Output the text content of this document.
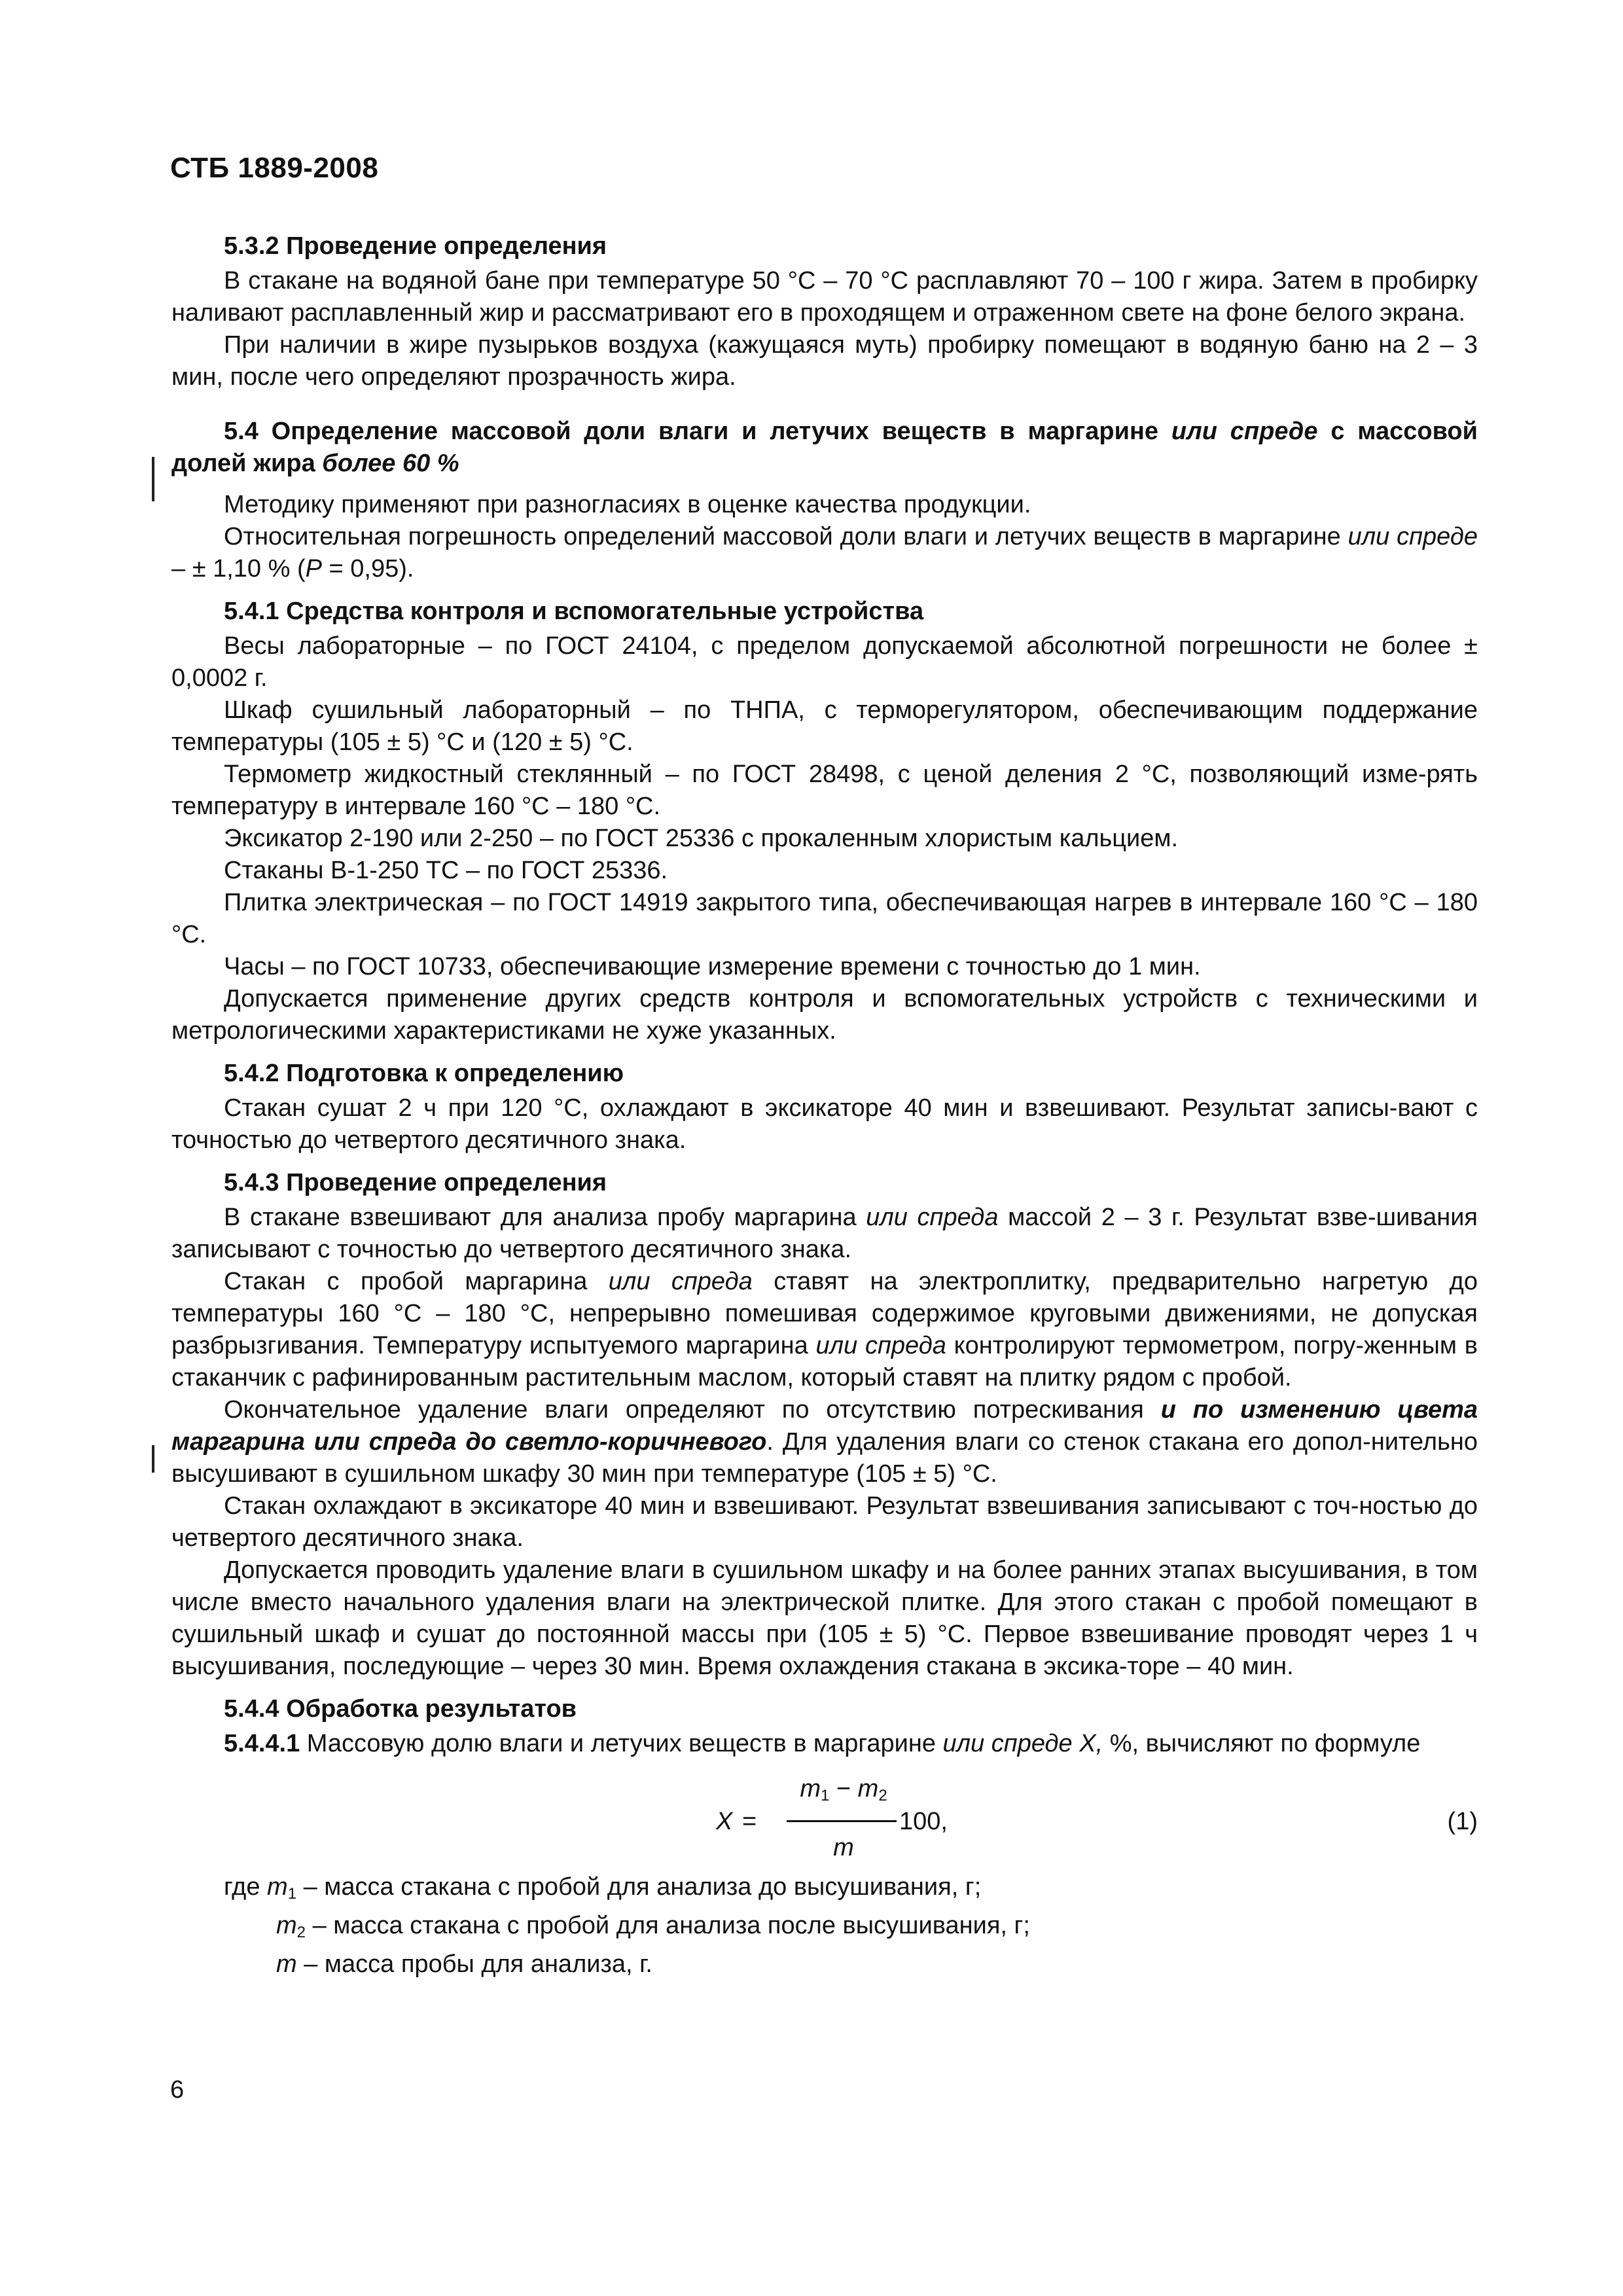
СТБ 1889-2008

5.3.2 Проведение определения

В стакане на водяной бане при температуре 50 °С – 70 °С расплавляют 70 – 100 г жира. Затем в пробирку наливают расплавленный жир и рассматривают его в проходящем и отраженном свете на фоне белого экрана.

При наличии в жире пузырьков воздуха (кажущаяся муть) пробирку помещают в водяную баню на 2 – 3 мин, после чего определяют прозрачность жира.

5.4 Определение массовой доли влаги и летучих веществ в маргарине или спреде с массовой долей жира более 60 %

Методику применяют при разногласиях в оценке качества продукции.

Относительная погрешность определений массовой доли влаги и летучих веществ в маргарине или спреде – ± 1,10 % (Р = 0,95).

5.4.1 Средства контроля и вспомогательные устройства

Весы лабораторные – по ГОСТ 24104, с пределом допускаемой абсолютной погрешности не более ± 0,0002 г.

Шкаф сушильный лабораторный – по ТНПА, с терморегулятором, обеспечивающим поддержание температуры (105 ± 5) °С и (120 ± 5) °С.

Термометр жидкостный стеклянный – по ГОСТ 28498, с ценой деления 2 °С, позволяющий изме-рять температуру в интервале 160 °С – 180 °С.

Эксикатор 2-190 или 2-250 – по ГОСТ 25336 с прокаленным хлористым кальцием.

Стаканы В-1-250 ТС – по ГОСТ 25336.

Плитка электрическая – по ГОСТ 14919 закрытого типа, обеспечивающая нагрев в интервале 160 °С – 180 °С.

Часы – по ГОСТ 10733, обеспечивающие измерение времени с точностью до 1 мин.

Допускается применение других средств контроля и вспомогательных устройств с техническими и метрологическими характеристиками не хуже указанных.

5.4.2 Подготовка к определению

Стакан сушат 2 ч при 120 °С, охлаждают в эксикаторе 40 мин и взвешивают. Результат записы-вают с точностью до четвертого десятичного знака.

5.4.3 Проведение определения

В стакане взвешивают для анализа пробу маргарина или спреда массой 2 – 3 г. Результат взве-шивания записывают с точностью до четвертого десятичного знака.

Стакан с пробой маргарина или спреда ставят на электроплитку, предварительно нагретую до температуры 160 °С – 180 °С, непрерывно помешивая содержимое круговыми движениями, не допуская разбрызгивания. Температуру испытуемого маргарина или спреда контролируют термометром, погру-женным в стаканчик с рафинированным растительным маслом, который ставят на плитку рядом с пробой.

Окончательное удаление влаги определяют по отсутствию потрескивания и по изменению цвета маргарина или спреда до светло-коричневого. Для удаления влаги со стенок стакана его допол-нительно высушивают в сушильном шкафу 30 мин при температуре (105 ± 5) °С.

Стакан охлаждают в эксикаторе 40 мин и взвешивают. Результат взвешивания записывают с точ-ностью до четвертого десятичного знака.

Допускается проводить удаление влаги в сушильном шкафу и на более ранних этапах высушивания, в том числе вместо начального удаления влаги на электрической плитке. Для этого стакан с пробой помещают в сушильный шкаф и сушат до постоянной массы при (105 ± 5) °С. Первое взвешивание проводят через 1 ч высушивания, последующие – через 30 мин. Время охлаждения стакана в эксика-торе – 40 мин.

5.4.4 Обработка результатов

5.4.4.1 Массовую долю влаги и летучих веществ в маргарине или спреде Х, %, вычисляют по формуле

X =
$m_1 - m_2$
m
100,	(1)

где $m_1$ – масса стакана с пробой для анализа до высушивания, г;

$m_2$ – масса стакана с пробой для анализа после высушивания, г;

m – масса пробы для анализа, г.

6
